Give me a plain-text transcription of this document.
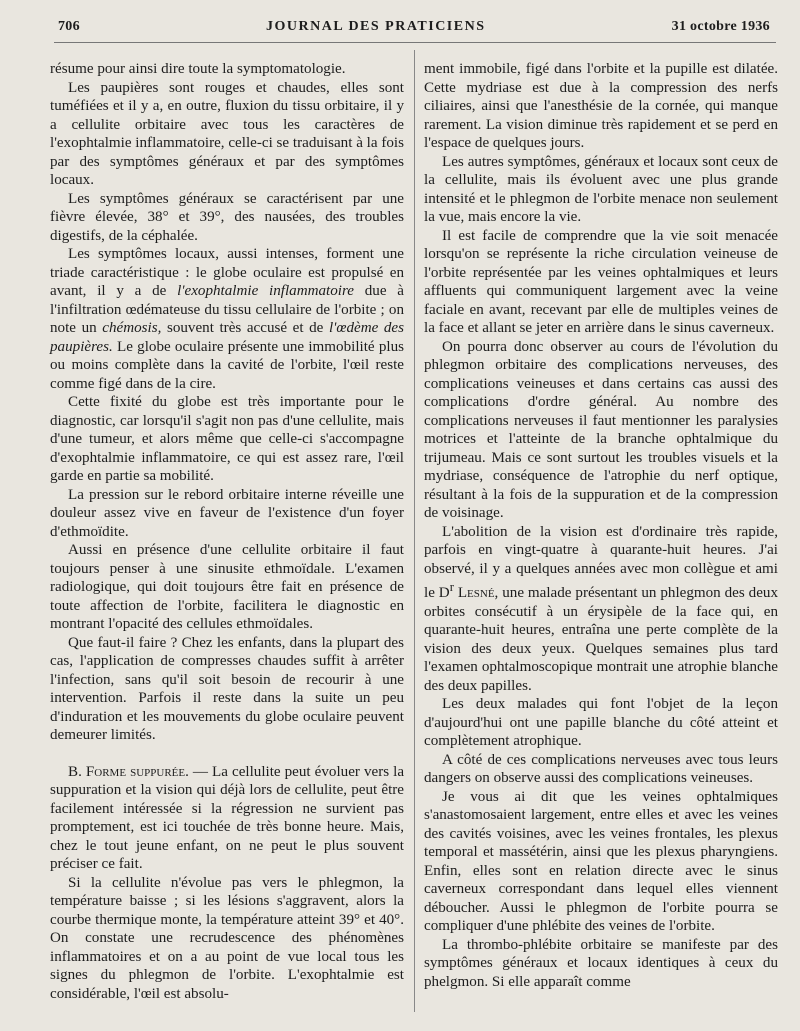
706	JOURNAL DES PRATICIENS	31 octobre 1936

résume pour ainsi dire toute la symptomatologie.

Les paupières sont rouges et chaudes, elles sont tuméfiées et il y a, en outre, fluxion du tissu orbitaire, il y a cellulite orbitaire avec tous les caractères de l'exophtalmie inflammatoire, celle-ci se traduisant à la fois par des symptômes généraux et par des symptômes locaux.

Les symptômes généraux se caractérisent par une fièvre élevée, 38° et 39°, des nausées, des troubles digestifs, de la céphalée.

Les symptômes locaux, aussi intenses, forment une triade caractéristique : le globe oculaire est propulsé en avant, il y a de l'exophtalmie inflammatoire due à l'infiltration œdémateuse du tissu cellulaire de l'orbite ; on note un chémosis, souvent très accusé et de l'œdème des paupières. Le globe oculaire présente une immobilité plus ou moins complète dans la cavité de l'orbite, l'œil reste comme figé dans de la cire.

Cette fixité du globe est très importante pour le diagnostic, car lorsqu'il s'agit non pas d'une cellulite, mais d'une tumeur, et alors même que celle-ci s'accompagne d'exophtalmie inflammatoire, ce qui est assez rare, l'œil garde en partie sa mobilité.

La pression sur le rebord orbitaire interne réveille une douleur assez vive en faveur de l'existence d'un foyer d'ethmoïdite.

Aussi en présence d'une cellulite orbitaire il faut toujours penser à une sinusite ethmoïdale. L'examen radiologique, qui doit toujours être fait en présence de toute affection de l'orbite, facilitera le diagnostic en montrant l'opacité des cellules ethmoïdales.

Que faut-il faire ? Chez les enfants, dans la plupart des cas, l'application de compresses chaudes suffit à arrêter l'infection, sans qu'il soit besoin de recourir à une intervention. Parfois il reste dans la suite un peu d'induration et les mouvements du globe oculaire peuvent demeurer limités.

B. Forme suppurée. — La cellulite peut évoluer vers la suppuration et la vision qui déjà lors de cellulite, peut être facilement intéressée si la régression ne survient pas promptement, est ici touchée de très bonne heure. Mais, chez le tout jeune enfant, on ne peut le plus souvent préciser ce fait.

Si la cellulite n'évolue pas vers le phlegmon, la température baisse ; si les lésions s'aggravent, alors la courbe thermique monte, la température atteint 39° et 40°. On constate une recrudescence des phénomènes inflammatoires et on a au point de vue local tous les signes du phlegmon de l'orbite. L'exophtalmie est considérable, l'œil est absolu-

ment immobile, figé dans l'orbite et la pupille est dilatée. Cette mydriase est due à la compression des nerfs ciliaires, ainsi que l'anesthésie de la cornée, qui manque rarement. La vision diminue très rapidement et se perd en l'espace de quelques jours.

Les autres symptômes, généraux et locaux sont ceux de la cellulite, mais ils évoluent avec une plus grande intensité et le phlegmon de l'orbite menace non seulement la vue, mais encore la vie.

Il est facile de comprendre que la vie soit menacée lorsqu'on se représente la riche circulation veineuse de l'orbite représentée par les veines ophtalmiques et leurs affluents qui communiquent largement avec la veine faciale en avant, recevant par elle de multiples veines de la face et allant se jeter en arrière dans le sinus caverneux.

On pourra donc observer au cours de l'évolution du phlegmon orbitaire des complications nerveuses, des complications veineuses et dans certains cas aussi des complications d'ordre général. Au nombre des complications nerveuses il faut mentionner les paralysies motrices et l'atteinte de la branche ophtalmique du trijumeau. Mais ce sont surtout les troubles visuels et la mydriase, conséquence de l'atrophie du nerf optique, résultant à la fois de la suppuration et de la compression de voisinage.

L'abolition de la vision est d'ordinaire très rapide, parfois en vingt-quatre à quarante-huit heures. J'ai observé, il y a quelques années avec mon collègue et ami le $D^r$ Lesné, une malade présentant un phlegmon des deux orbites consécutif à un érysipèle de la face qui, en quarante-huit heures, entraîna une perte complète de la vision des deux yeux. Quelques semaines plus tard l'examen ophtalmoscopique montrait une atrophie blanche des deux papilles.

Les deux malades qui font l'objet de la leçon d'aujourd'hui ont une papille blanche du côté atteint et complètement atrophique.

A côté de ces complications nerveuses avec tous leurs dangers on observe aussi des complications veineuses.

Je vous ai dit que les veines ophtalmiques s'anastomosaient largement, entre elles et avec les veines des cavités voisines, avec les veines frontales, les plexus temporal et massétérin, ainsi que les plexus pharyngiens. Enfin, elles sont en relation directe avec le sinus caverneux correspondant dans lequel elles viennent déboucher. Aussi le phlegmon de l'orbite pourra se compliquer d'une phlébite des veines de l'orbite.

La thrombo-phlébite orbitaire se manifeste par des symptômes généraux et locaux identiques à ceux du phelgmon. Si elle apparaît comme
